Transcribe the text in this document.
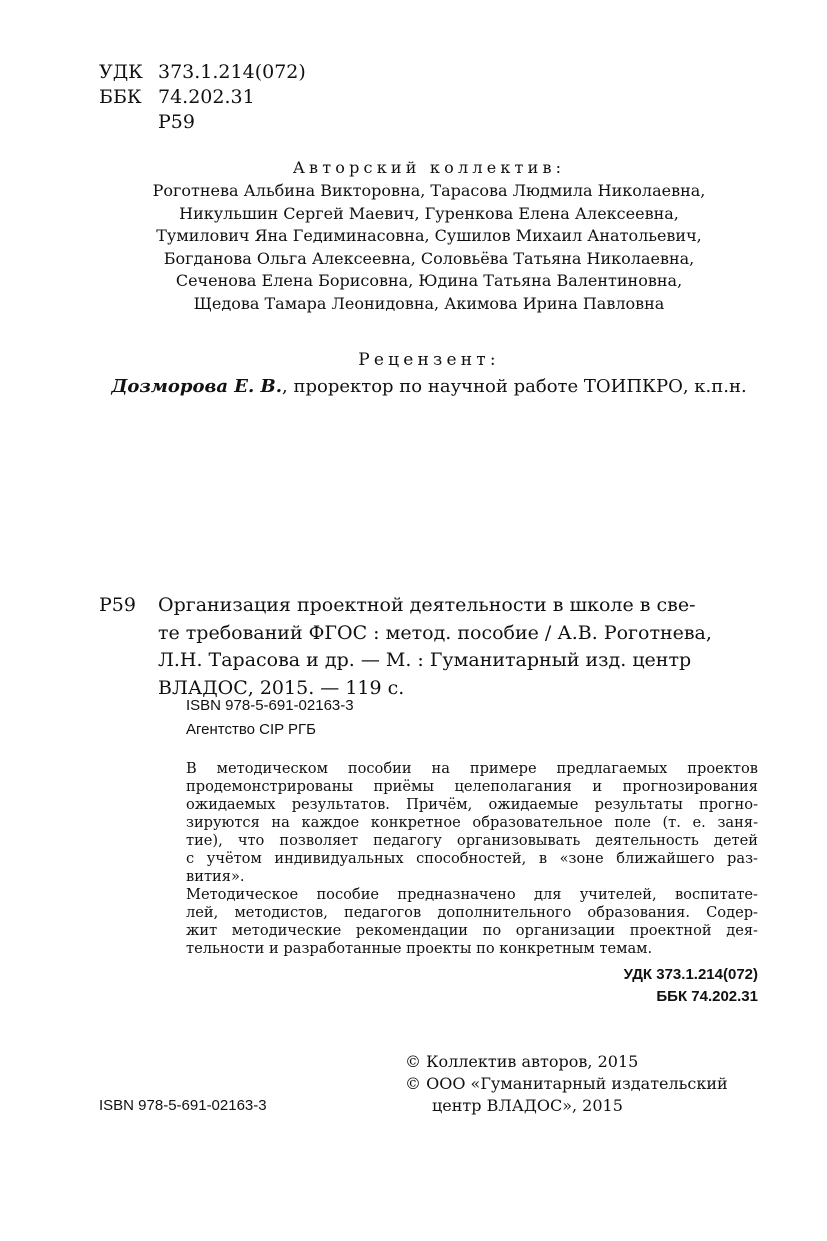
УДК 373.1.214(072)
ББК 74.202.31
Р59
Авторский коллектив:
Роготнева Альбина Викторовна, Тарасова Людмила Николаевна,
Никульшин Сергей Маевич, Гуренкова Елена Алексеевна,
Тумилович Яна Гедиминасовна, Сушилов Михаил Анатольевич,
Богданова Ольга Алексеевна, Соловьёва Татьяна Николаевна,
Сеченова Елена Борисовна, Юдина Татьяна Валентиновна,
Щедова Тамара Леонидовна, Акимова Ирина Павловна
Рецензент:
Дозморова Е. В., проректор по научной работе ТОИПКРО, к.п.н.
Р59 Организация проектной деятельности в школе в све-
те требований ФГОС : метод. пособие / А.В. Роготнева,
Л.Н. Тарасова и др. — М. : Гуманитарный изд. центр
ВЛАДОС, 2015. — 119 с.
ISBN 978-5-691-02163-3
Агентство CIP РГБ
В методическом пособии на примере предлагаемых проектов
продемонстрированы приёмы целеполагания и прогнозирования
ожидаемых результатов. Причём, ожидаемые результаты прогно-
зируются на каждое конкретное образовательное поле (т. е. заня-
тие), что позволяет педагогу организовывать деятельность детей
с учётом индивидуальных способностей, в «зоне ближайшего раз-
вития».
Методическое пособие предназначено для учителей, воспитате-
лей, методистов, педагогов дополнительного образования. Содер-
жит методические рекомендации по организации проектной дея-
тельности и разработанные проекты по конкретным темам.
УДК 373.1.214(072)
ББК 74.202.31
© Коллектив авторов, 2015
© ООО «Гуманитарный издательский
центр ВЛАДОС», 2015
ISBN 978-5-691-02163-3
